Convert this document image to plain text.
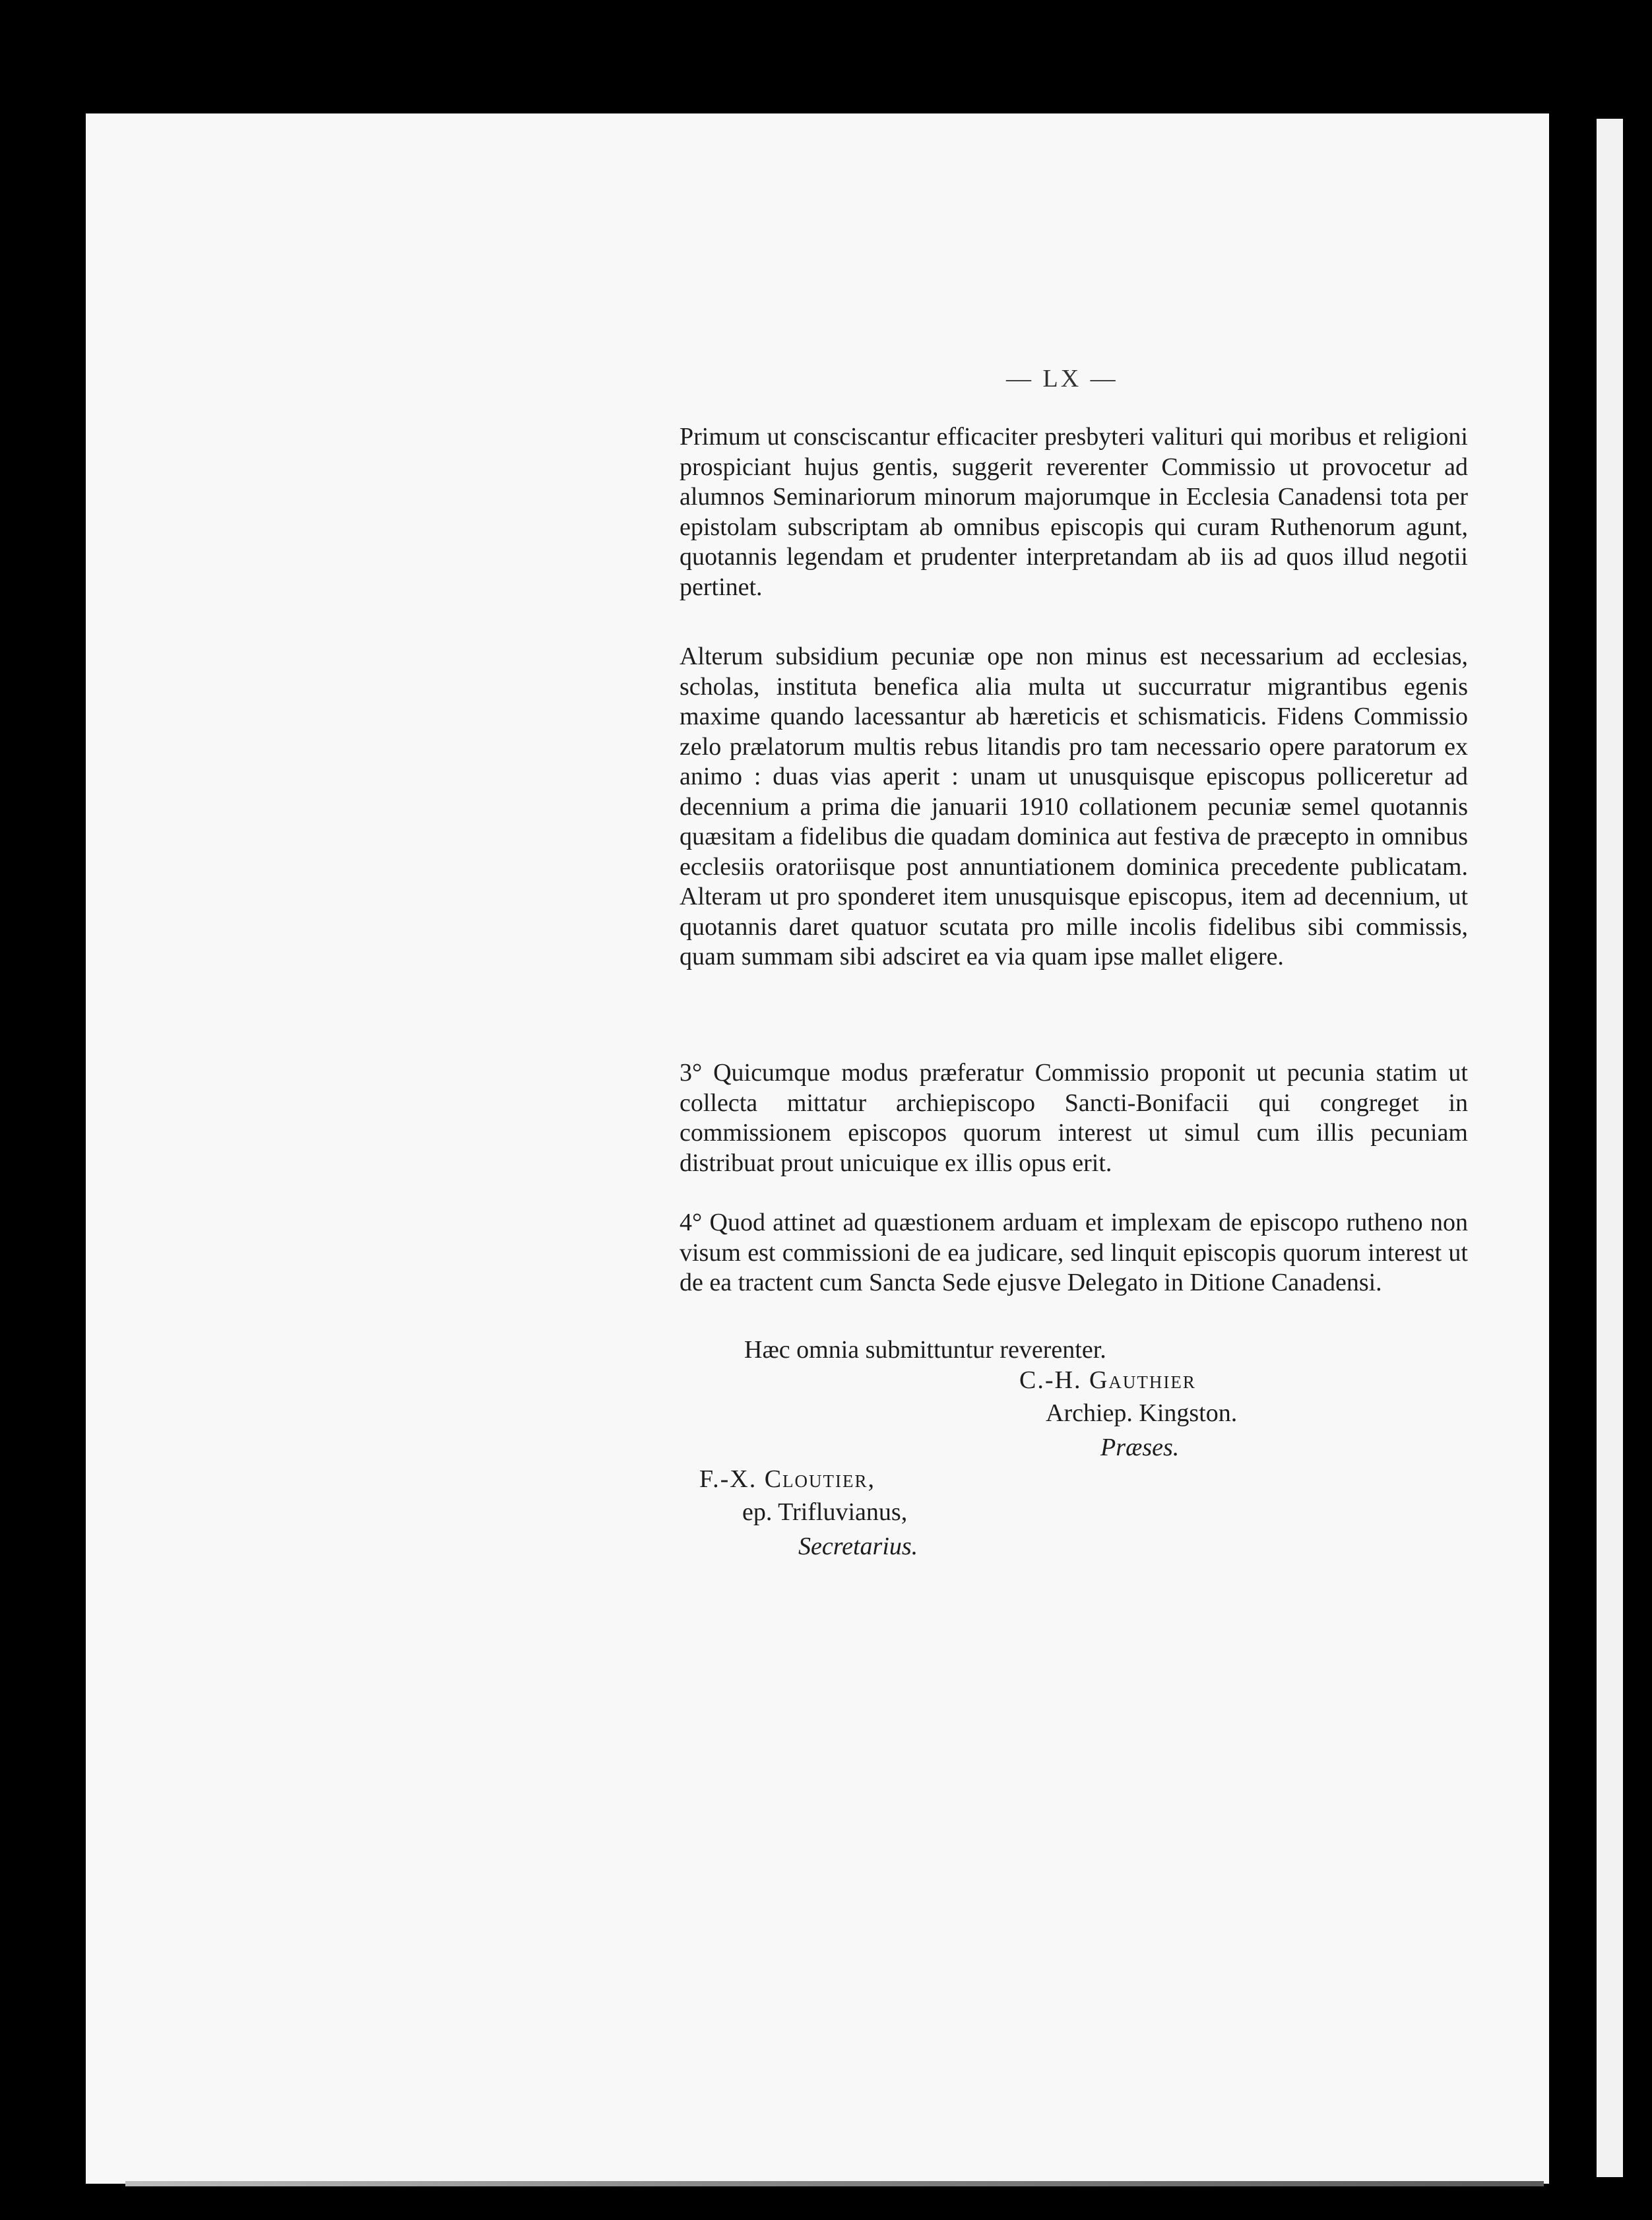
— LX —

Primum ut consciscantur efficaciter presbyteri valituri qui moribus et religioni prospiciant hujus gentis, suggerit reverenter Commissio ut provocetur ad alumnos Seminariorum minorum majorumque in Ecclesia Canadensi tota per epistolam subscriptam ab omnibus episcopis qui curam Ruthenorum agunt, quotannis legendam et prudenter interpretandam ab iis ad quos illud negotii pertinet.

Alterum subsidium pecuniæ ope non minus est necessarium ad ecclesias, scholas, instituta benefica alia multa ut succurratur migrantibus egenis maxime quando lacessantur ab hæreticis et schismaticis. Fidens Commissio zelo prælatorum multis rebus litandis pro tam necessario opere paratorum ex animo : duas vias aperit : unam ut unusquisque episcopus polliceretur ad decennium a prima die januarii 1910 collationem pecuniæ semel quotannis quæsitam a fidelibus die quadam dominica aut festiva de præcepto in omnibus ecclesiis oratoriisque post annuntiationem dominica precedente publicatam. Alteram ut pro sponderet item unusquisque episcopus, item ad decennium, ut quotannis daret quatuor scutata pro mille incolis fidelibus sibi commissis, quam summam sibi adsciret ea via quam ipse mallet eligere.

3° Quicumque modus præferatur Commissio proponit ut pecunia statim ut collecta mittatur archiepiscopo Sancti-Bonifacii qui congreget in commissionem episcopos quorum interest ut simul cum illis pecuniam distribuat prout unicuique ex illis opus erit.

4° Quod attinet ad quæstionem arduam et implexam de episcopo rutheno non visum est commissioni de ea judicare, sed linquit episcopis quorum interest ut de ea tractent cum Sancta Sede ejusve Delegato in Ditione Canadensi.

Hæc omnia submittuntur reverenter.
C.-H. Gauthier
Archiep. Kingston.
Præses.
F.-X. Cloutier,
ep. Trifluvianus,
Secretarius.
